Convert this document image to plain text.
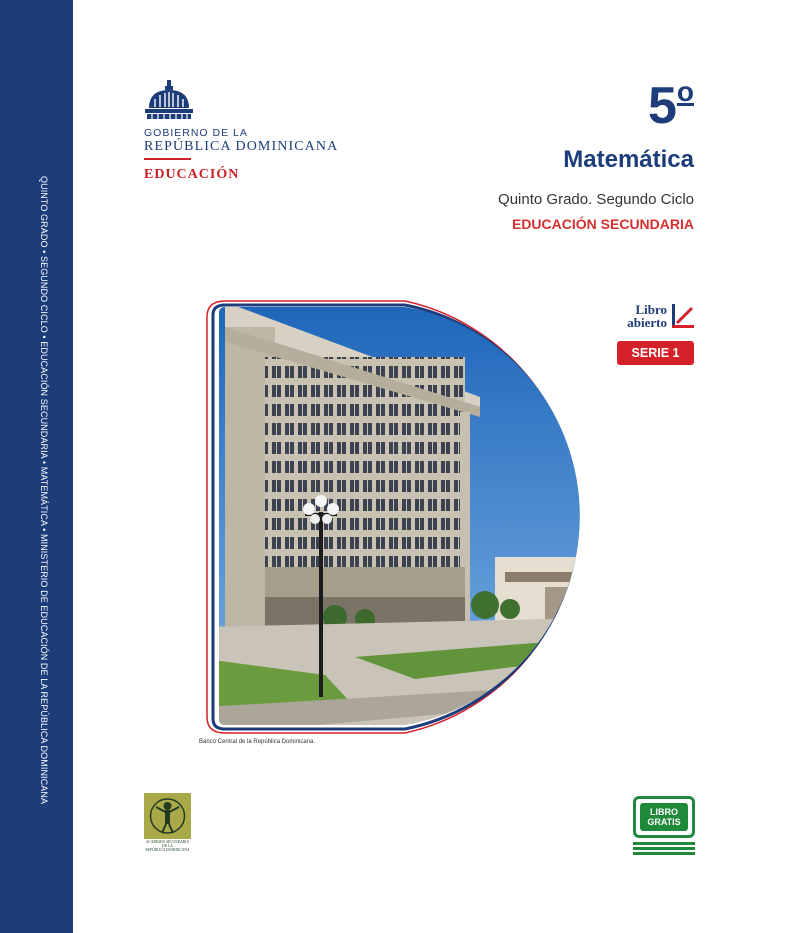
QUINTO GRADO • SEGUNDO CICLO • EDUCACIÓN SECUNDARIA • MATEMÁTICA • MINISTERIO DE EDUCACIÓN DE LA REPÚBLICA DOMINICANA
GOBIERNO DE LA
REPÚBLICA DOMINICANA
EDUCACIÓN
5$^o$
Matemática
Quinto Grado. Segundo Ciclo
EDUCACIÓN SECUNDARIA
Libro
abierto
SERIE 1
Banco Central de la República Dominicana.
ACADEMIA SECUNDARIA
DE LA
REPÚBLICA DOMINICANA
LIBRO
GRATIS
